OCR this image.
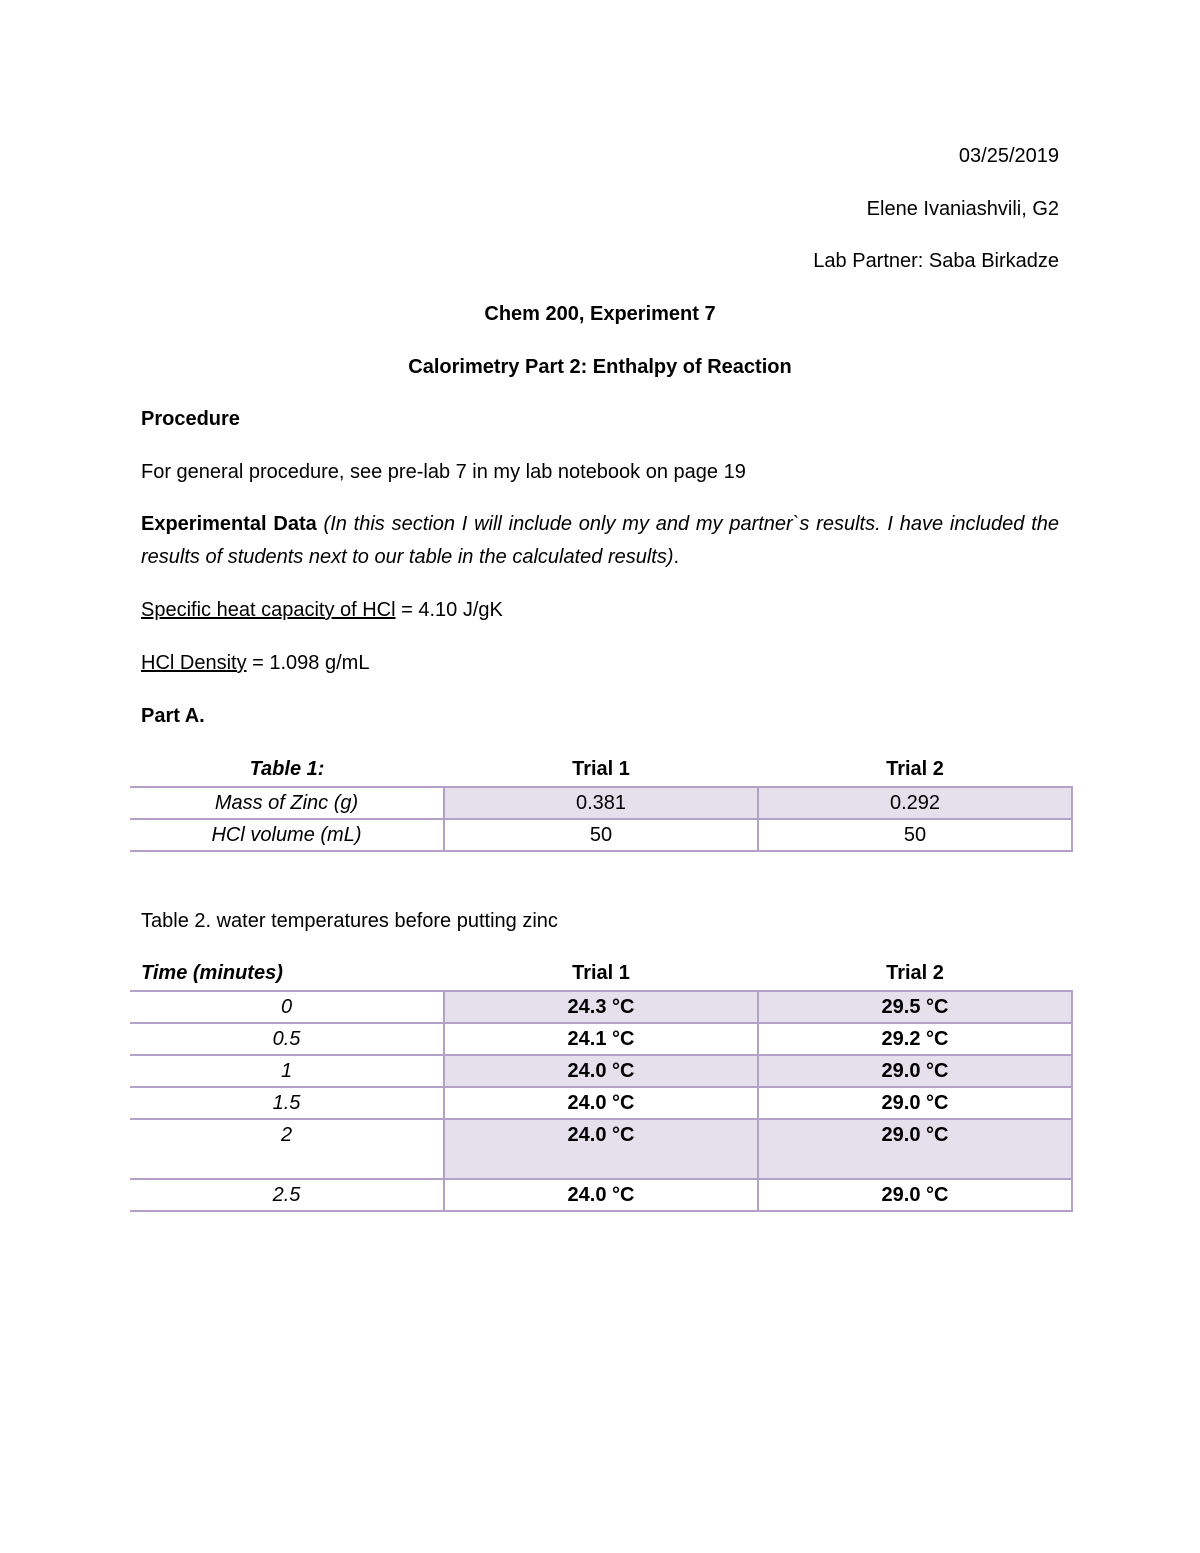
03/25/2019
Elene Ivaniashvili, G2
Lab Partner: Saba Birkadze
Chem 200, Experiment 7
Calorimetry Part 2: Enthalpy of Reaction
Procedure
For general procedure, see pre-lab 7 in my lab notebook on page 19
Experimental Data (In this section I will include only my and my partner`s results. I have included the results of students next to our table in the calculated results).
Specific heat capacity of HCl = 4.10 J/gK
HCl Density = 1.098 g/mL
Part A.
Table 1:	Trial 1	Trial 2
Mass of Zinc (g)	0.381	0.292
HCl volume (mL)	50	50
Table 2. water temperatures before putting zinc
Time (minutes)	Trial 1	Trial 2
0	24.3 °C	29.5 °C
0.5	24.1 °C	29.2 °C
1	24.0 °C	29.0 °C
1.5	24.0 °C	29.0 °C
2	24.0 °C	29.0 °C
2.5	24.0 °C	29.0 °C
